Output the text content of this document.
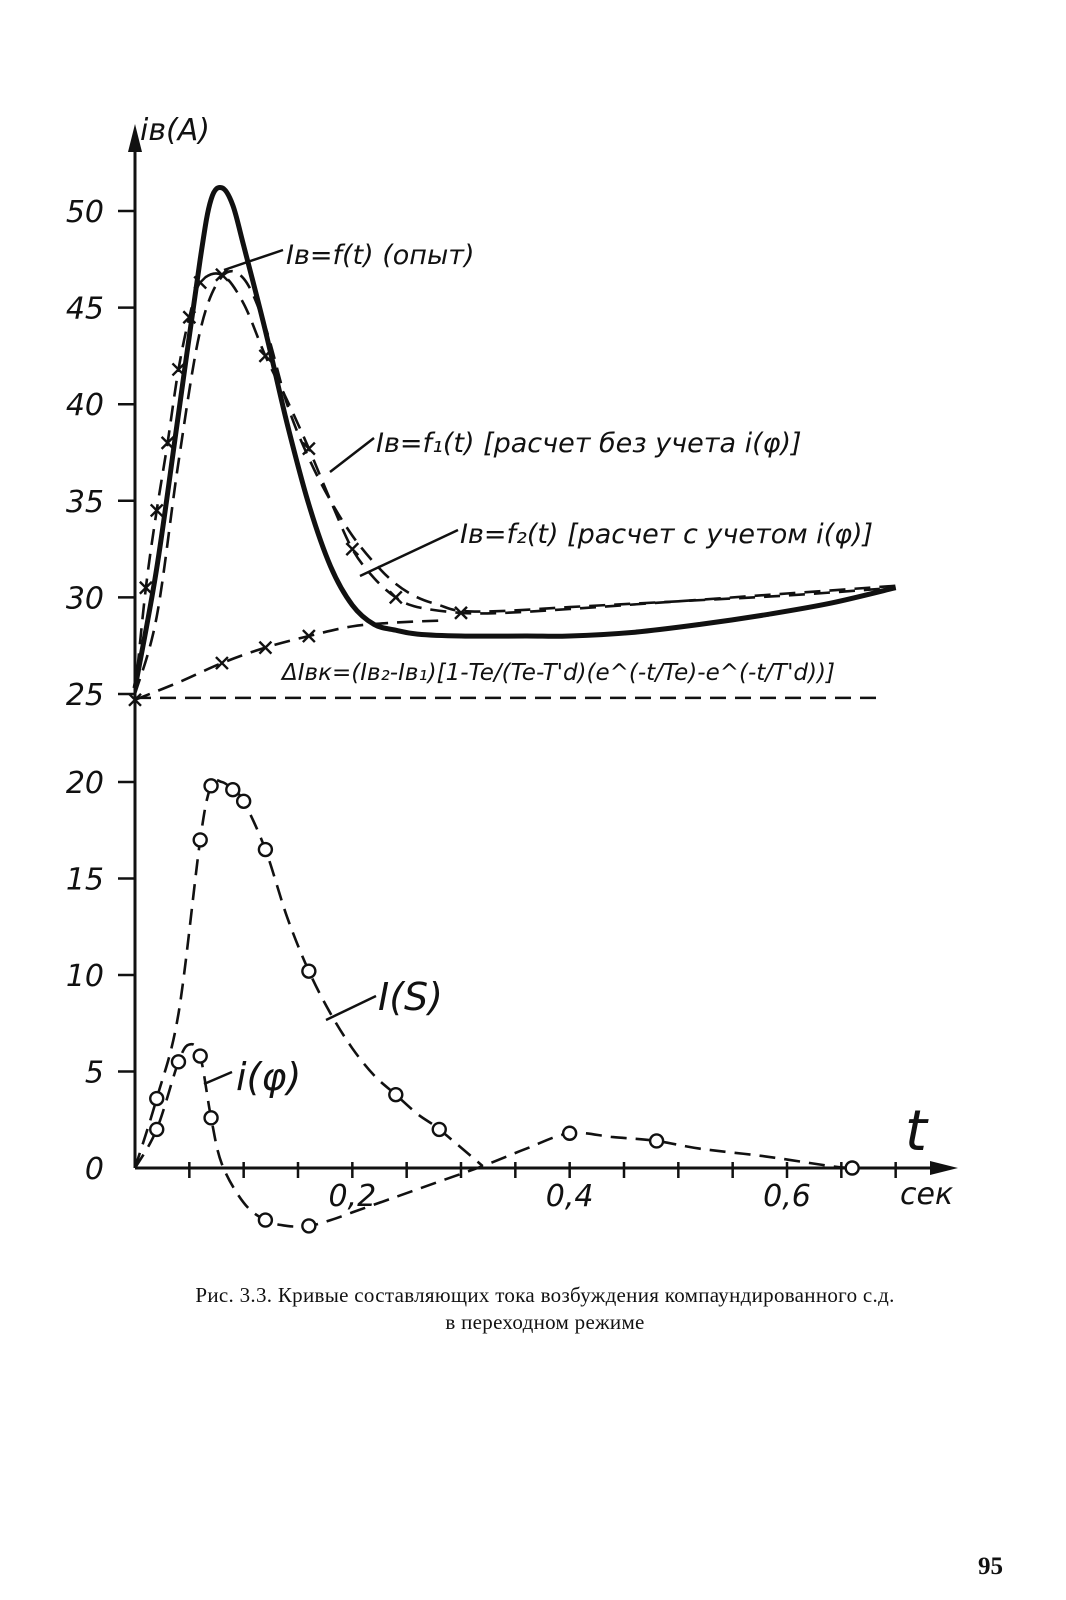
25
30
35
40
45
50
0
5
10
15
20
0,2	0,4	0,6
iв(A)
t
сек
Iв=f(t) (опыт)
Iв=f₁(t) [расчет без учета i(φ)]
Iв=f₂(t) [расчет с учетом i(φ)]
ΔIвк=(Iв₂-Iв₁)[1-Te/(Te-T'd)(e^(-t/Te)-e^(-t/T'd))]
I(S)
i(φ)
Рис. 3.3. Кривые составляющих тока возбуждения компаундированного с.д.
в переходном режиме
95
